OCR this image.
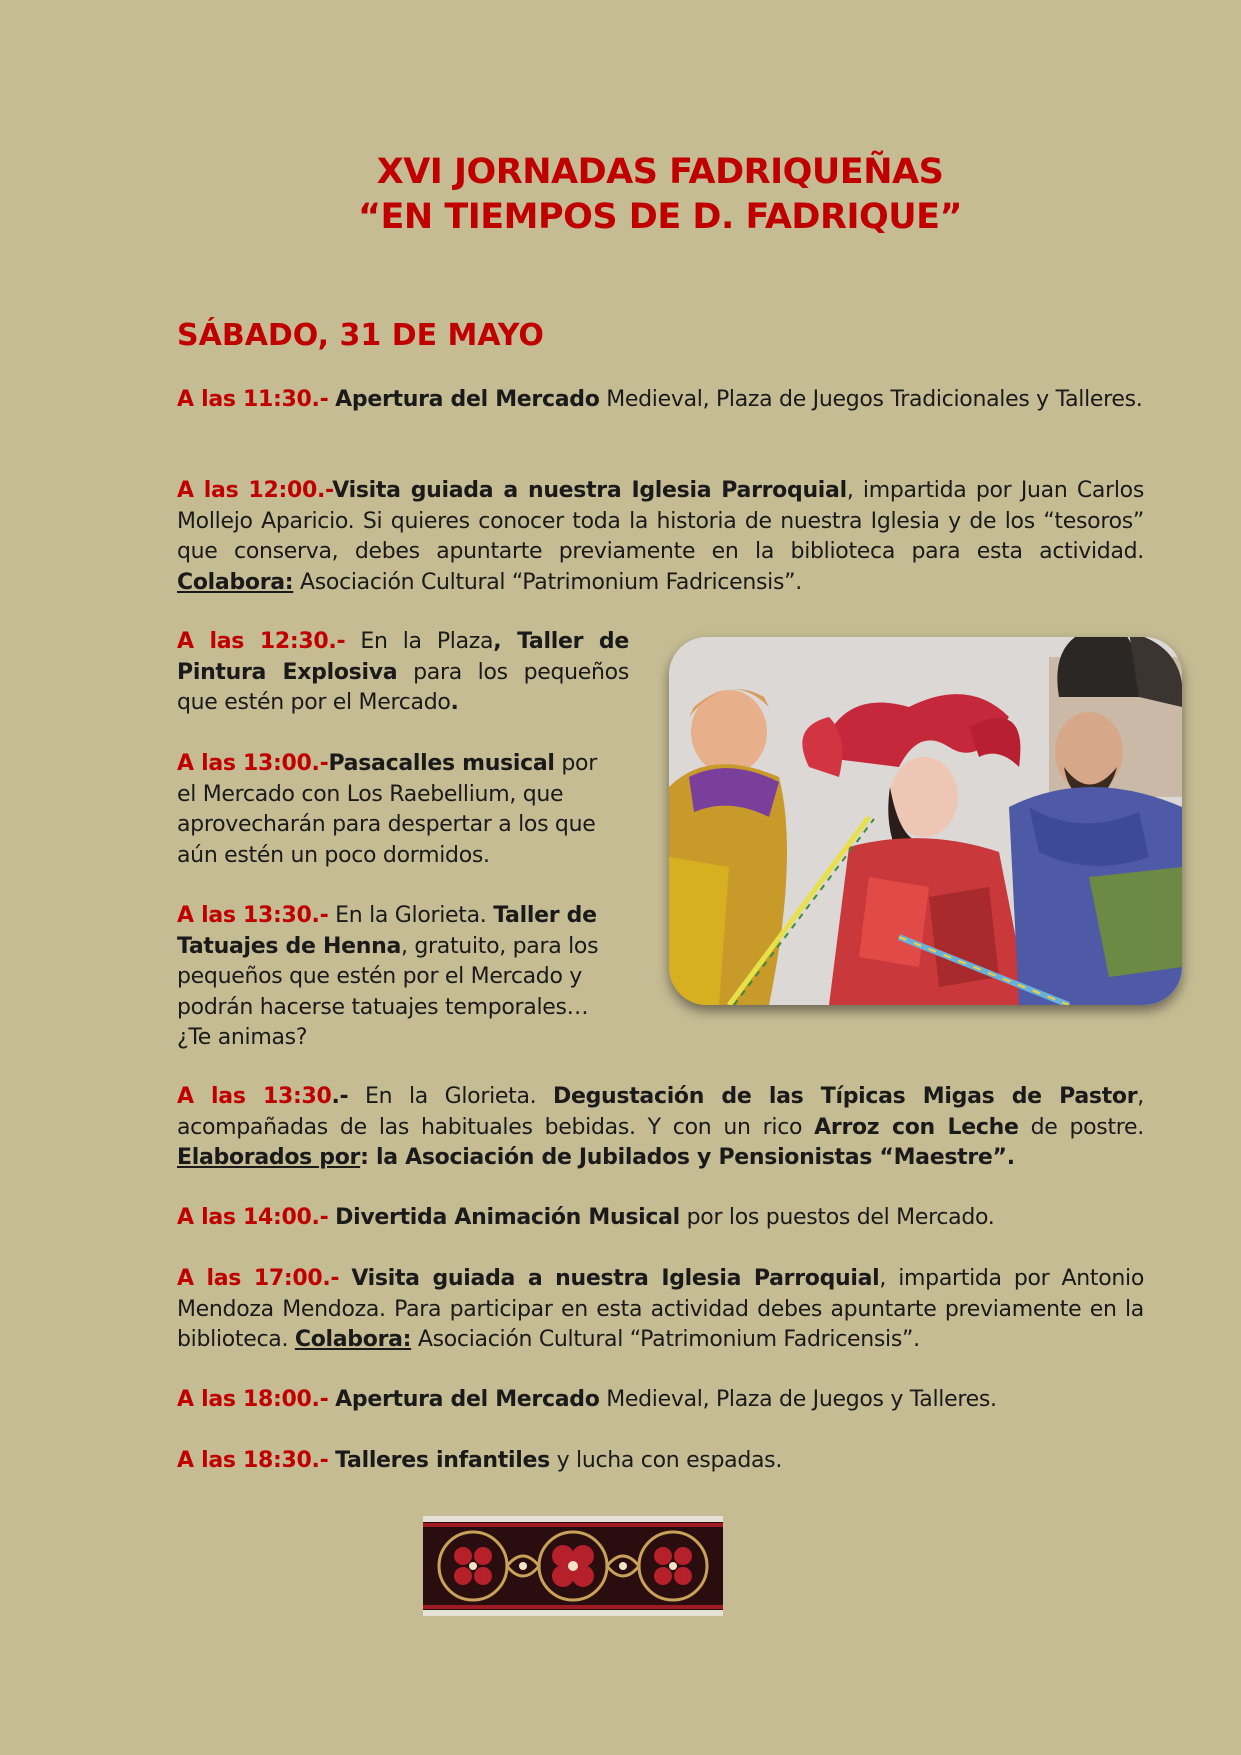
XVI JORNADAS FADRIQUEÑAS
“EN TIEMPOS DE D. FADRIQUE”
SÁBADO, 31 DE MAYO
A las 11:30.- Apertura del Mercado Medieval, Plaza de Juegos Tradicionales y Talleres.
A las 12:00.-Visita guiada a nuestra Iglesia Parroquial, impartida por Juan Carlos Mollejo Aparicio. Si quieres conocer toda la historia de nuestra Iglesia y de los “tesoros” que conserva, debes apuntarte previamente en la biblioteca para esta actividad. Colabora: Asociación Cultural “Patrimonium Fadricensis”.
A las 12:30.- En la Plaza, Taller de Pintura Explosiva para los pequeños que estén por el Mercado.
A las 13:00.-Pasacalles musical por el Mercado con Los Raebellium, que aprovecharán para despertar a los que aún estén un poco dormidos.
A las 13:30.- En la Glorieta. Taller de Tatuajes de Henna, gratuito, para los pequeños que estén por el Mercado y podrán hacerse tatuajes temporales… ¿Te animas?
A las 13:30.- En la Glorieta. Degustación de las Típicas Migas de Pastor, acompañadas de las habituales bebidas. Y con un rico Arroz con Leche de postre. Elaborados por: la Asociación de Jubilados y Pensionistas “Maestre”.
A las 14:00.- Divertida Animación Musical por los puestos del Mercado.
A las 17:00.- Visita guiada a nuestra Iglesia Parroquial, impartida por Antonio Mendoza Mendoza. Para participar en esta actividad debes apuntarte previamente en la biblioteca. Colabora: Asociación Cultural “Patrimonium Fadricensis”.
A las 18:00.- Apertura del Mercado Medieval, Plaza de Juegos y Talleres.
A las 18:30.- Talleres infantiles y lucha con espadas.
